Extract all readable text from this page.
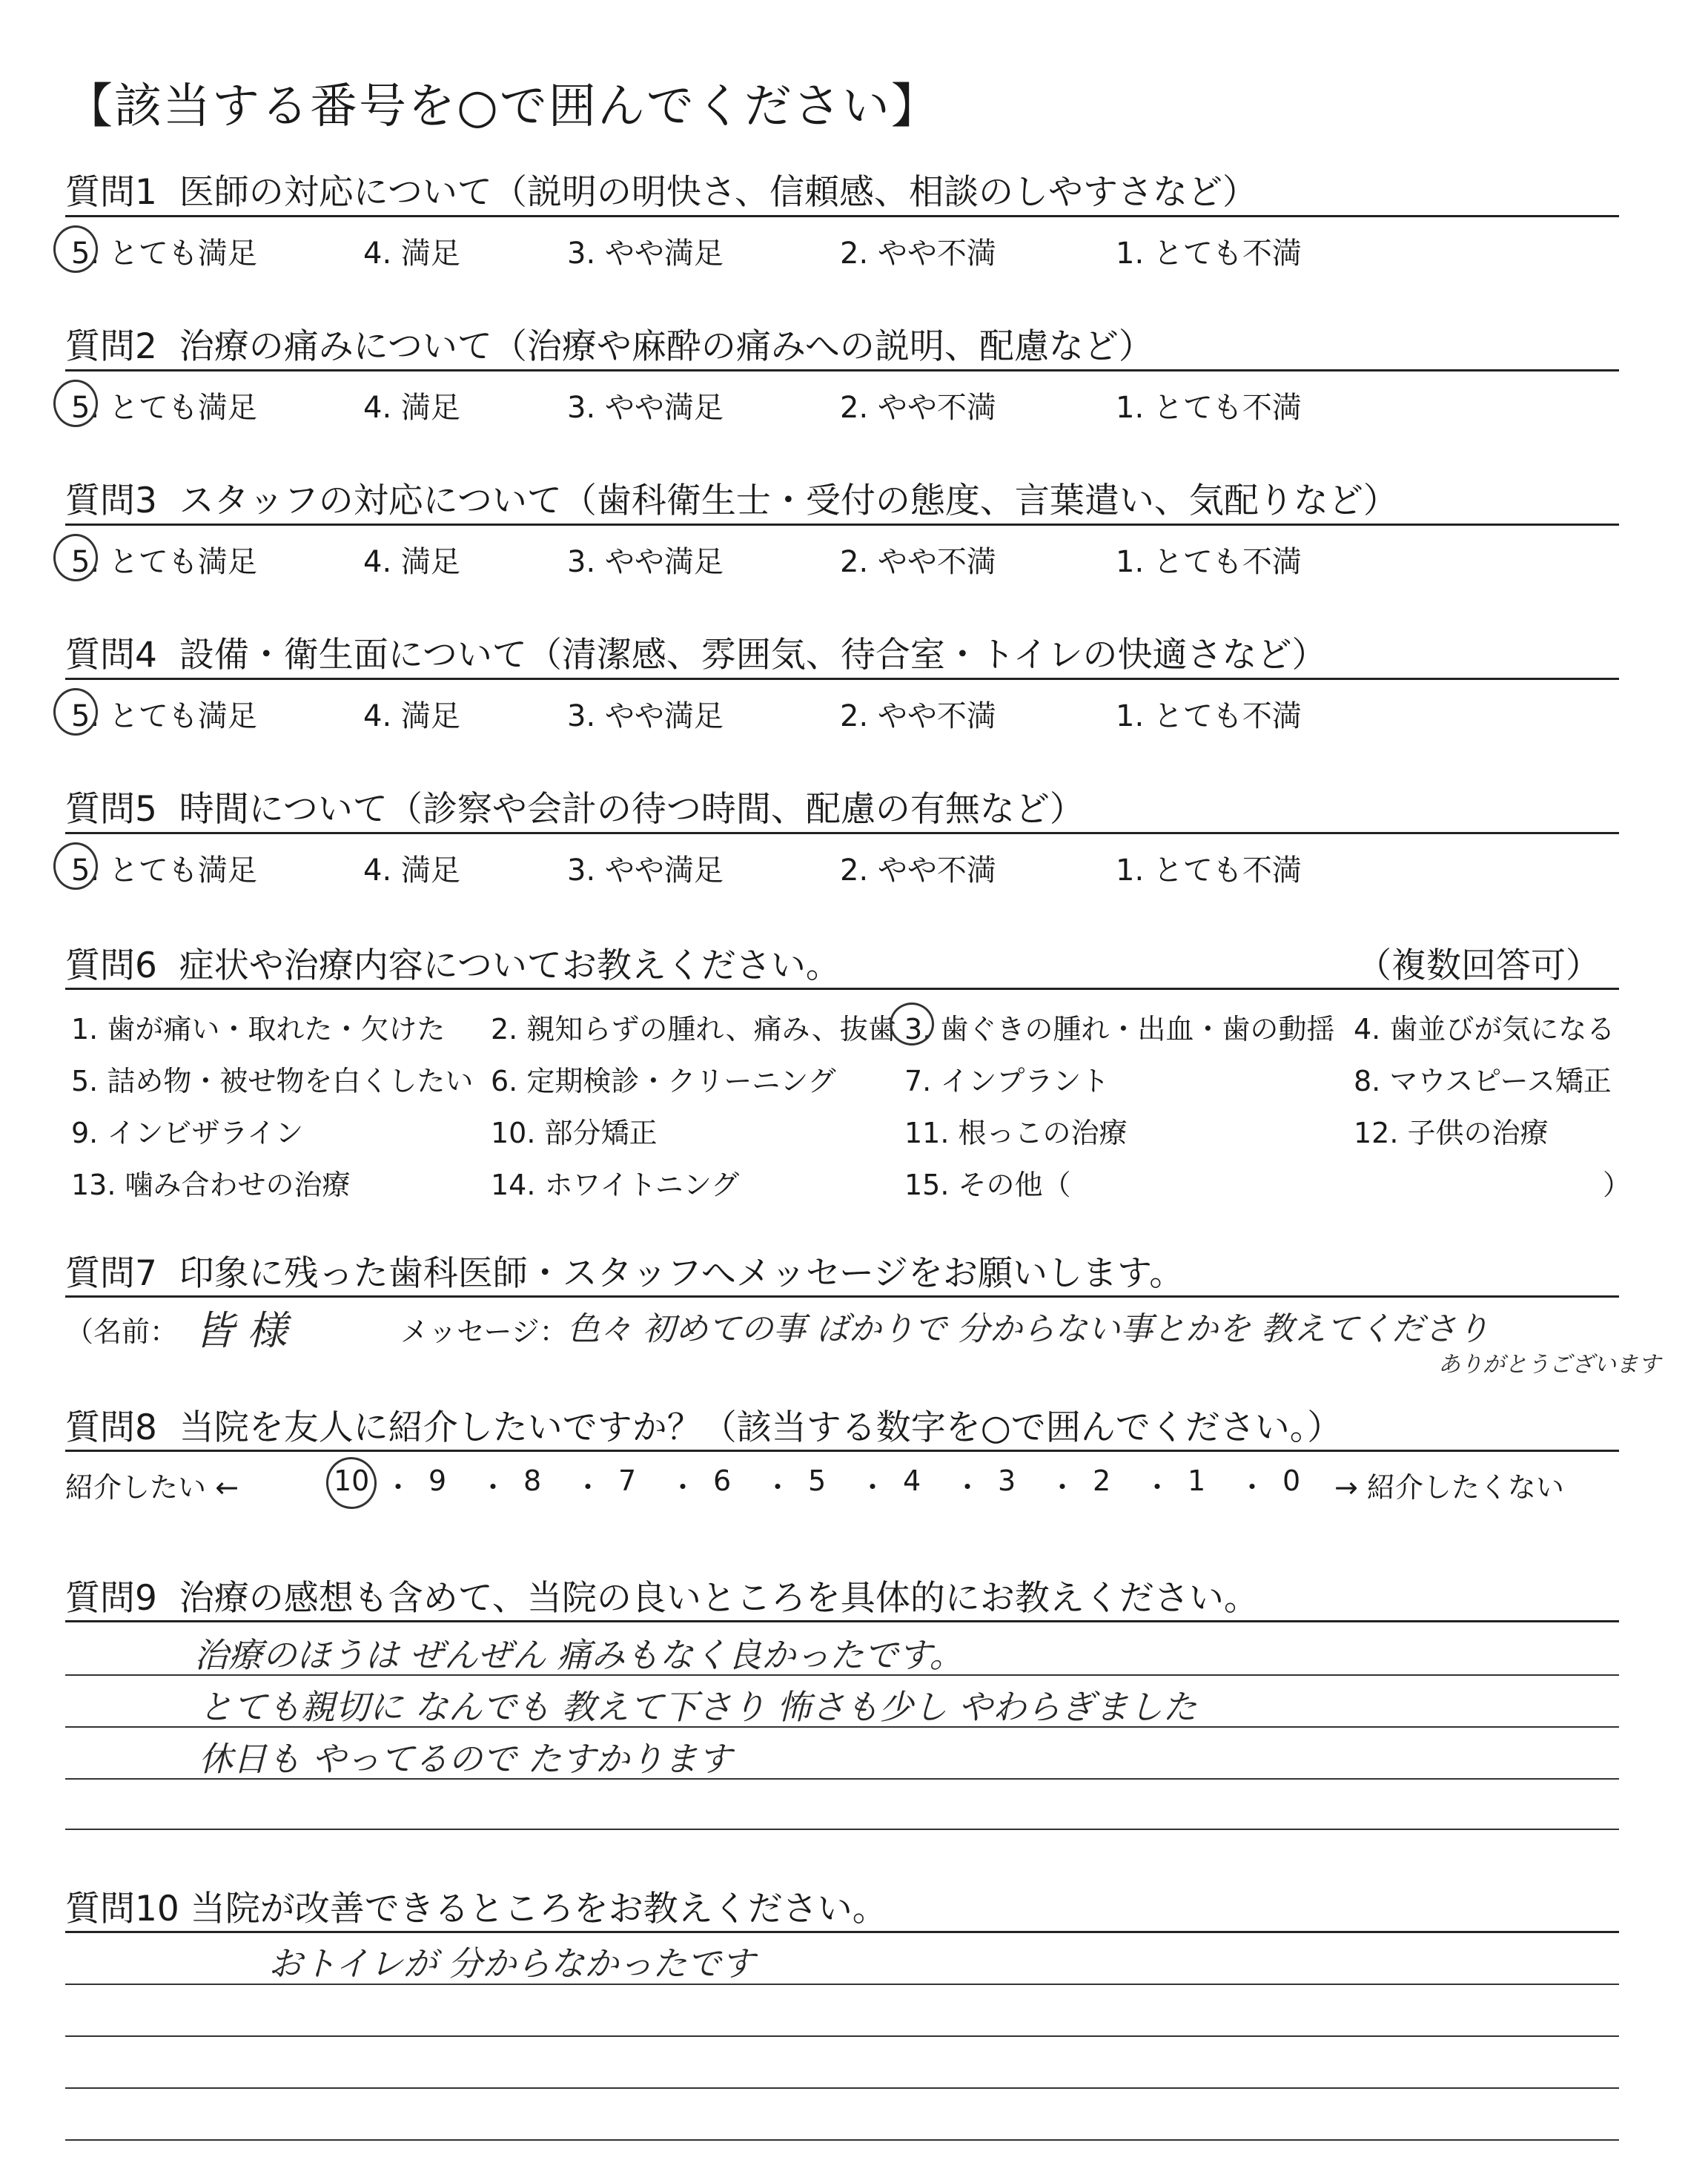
【該当する番号を○で囲んでください】
質問1 医師の対応について（説明の明快さ、信頼感、相談のしやすさなど）
5. とても満足	4. 満足	3. やや満足	2. やや不満	1. とても不満
質問2 治療の痛みについて（治療や麻酔の痛みへの説明、配慮など）
5. とても満足	4. 満足	3. やや満足	2. やや不満	1. とても不満
質問3 スタッフの対応について（歯科衛生士・受付の態度、言葉遣い、気配りなど）
5. とても満足	4. 満足	3. やや満足	2. やや不満	1. とても不満
質問4 設備・衛生面について（清潔感、雰囲気、待合室・トイレの快適さなど）
5. とても満足	4. 満足	3. やや満足	2. やや不満	1. とても不満
質問5 時間について（診察や会計の待つ時間、配慮の有無など）
5. とても満足	4. 満足	3. やや満足	2. やや不満	1. とても不満
質問6 症状や治療内容についてお教えください。	（複数回答可）
1. 歯が痛い・取れた・欠けた 2. 親知らずの腫れ、痛み、抜歯 3. 歯ぐきの腫れ・出血・歯の動揺 4. 歯並びが気になる
5. 詰め物・被せ物を白くしたい 6. 定期検診・クリーニング 7. インプラント	8. マウスピース矯正
9. インビザライン	10. 部分矯正	11. 根っこの治療	12. 子供の治療
13. 噛み合わせの治療	14. ホワイトニング	15. その他（	）
質問7 印象に残った歯科医師・スタッフへメッセージをお願いします。
（名前： 皆 様	メッセージ： 色々 初めての事 ばかりで 分からない事とかを 教えてくださり
ありがとうございます
質問8 当院を友人に紹介したいですか？（該当する数字を○で囲んでください。）
紹介したい ←	→ 紹介したくない
10 ・ 9 ・ 8 ・ 7 ・ 6 ・ 5 ・ 4 ・ 3 ・ 2 ・ 1 ・ 0
質問9 治療の感想も含めて、当院の良いところを具体的にお教えください。
治療のほうは ぜんぜん 痛みもなく良かったです。
とても親切に なんでも 教えて下さり 怖さも少し やわらぎました
休日も やってるので たすかります
質問10 当院が改善できるところをお教えください。
おトイレが 分からなかったです
